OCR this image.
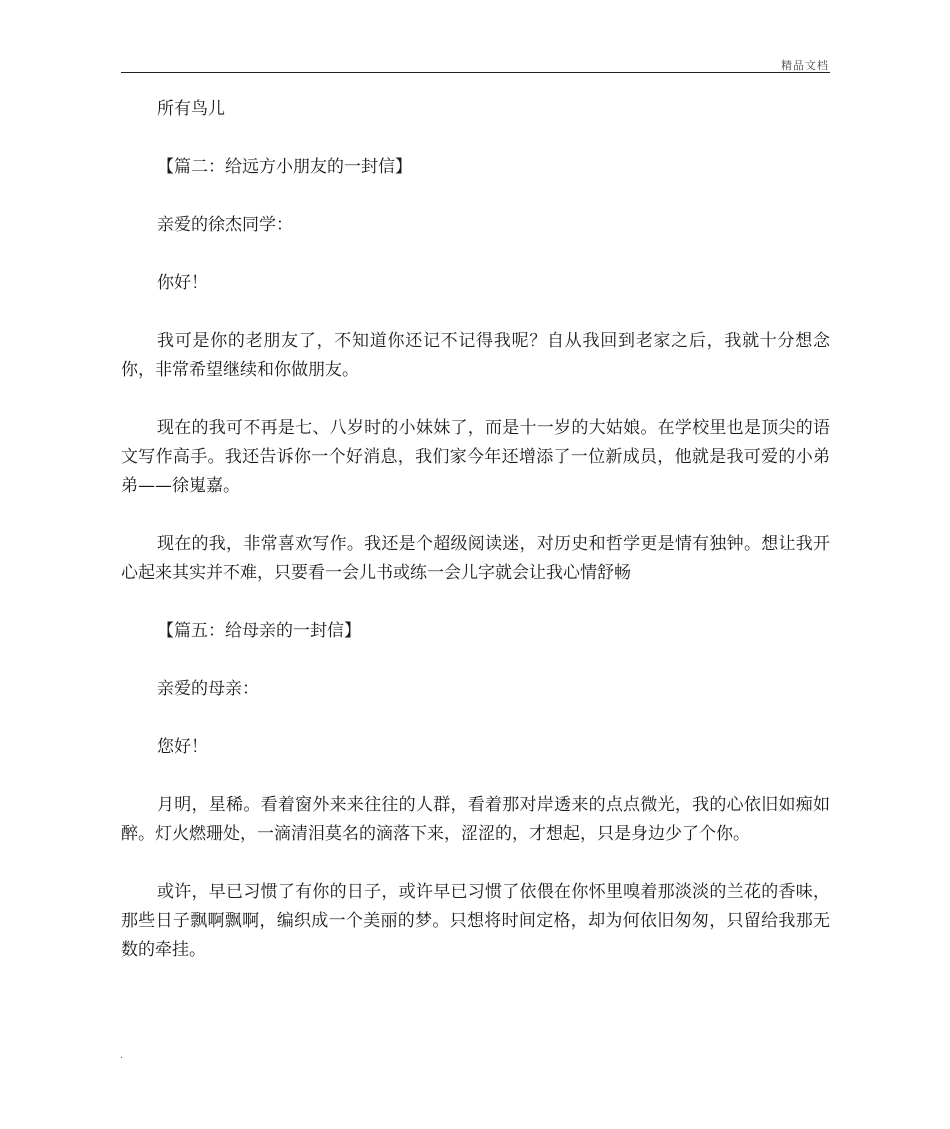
精品文档

所有鸟儿

【篇二：给远方小朋友的一封信】

亲爱的徐杰同学：

你好！

我可是你的老朋友了，不知道你还记不记得我呢？自从我回到老家之后，我就十分想念你，非常希望继续和你做朋友。

现在的我可不再是七、八岁时的小妹妹了，而是十一岁的大姑娘。在学校里也是顶尖的语文写作高手。我还告诉你一个好消息，我们家今年还增添了一位新成员，他就是我可爱的小弟弟——徐嵬嘉。

现在的我，非常喜欢写作。我还是个超级阅读迷，对历史和哲学更是情有独钟。想让我开心起来其实并不难，只要看一会儿书或练一会儿字就会让我心情舒畅

【篇五：给母亲的一封信】

亲爱的母亲：

您好！

月明，星稀。看着窗外来来往往的人群，看着那对岸透来的点点微光，我的心依旧如痴如醉。灯火燃珊处，一滴清泪莫名的滴落下来，涩涩的，才想起，只是身边少了个你。

或许，早已习惯了有你的日子，或许早已习惯了依偎在你怀里嗅着那淡淡的兰花的香味，那些日子飘啊飘啊，编织成一个美丽的梦。只想将时间定格，却为何依旧匆匆，只留给我那无数的牵挂。

.
